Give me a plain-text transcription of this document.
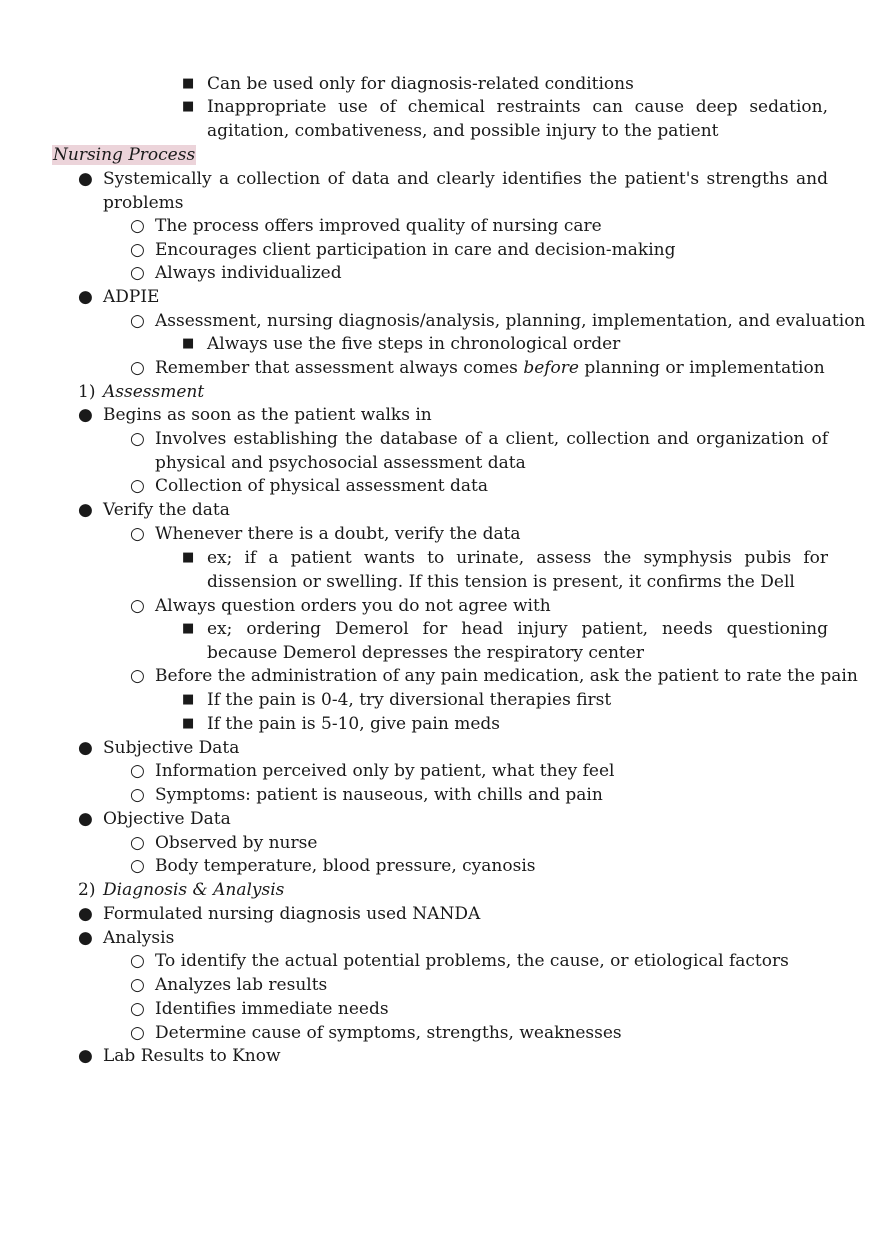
■ Can be used only for diagnosis-related conditions
■ Inappropriate use of chemical restraints can cause deep sedation, agitation, combativeness, and possible injury to the patient
Nursing Process
● Systemically a collection of data and clearly identifies the patient's strengths and problems
○ The process offers improved quality of nursing care
○ Encourages client participation in care and decision-making
○ Always individualized
● ADPIE
○ Assessment, nursing diagnosis/analysis, planning, implementation, and evaluation
■ Always use the five steps in chronological order
○ Remember that assessment always comes before planning or implementation
1) Assessment
● Begins as soon as the patient walks in
○ Involves establishing the database of a client, collection and organization of physical and psychosocial assessment data
○ Collection of physical assessment data
● Verify the data
○ Whenever there is a doubt, verify the data
■ ex; if a patient wants to urinate, assess the symphysis pubis for dissension or swelling. If this tension is present, it confirms the Dell
○ Always question orders you do not agree with
■ ex; ordering Demerol for head injury patient, needs questioning because Demerol depresses the respiratory center
○ Before the administration of any pain medication, ask the patient to rate the pain
■ If the pain is 0-4, try diversional therapies first
■ If the pain is 5-10, give pain meds
● Subjective Data
○ Information perceived only by patient, what they feel
○ Symptoms: patient is nauseous, with chills and pain
● Objective Data
○ Observed by nurse
○ Body temperature, blood pressure, cyanosis
2) Diagnosis & Analysis
● Formulated nursing diagnosis used NANDA
● Analysis
○ To identify the actual potential problems, the cause, or etiological factors
○ Analyzes lab results
○ Identifies immediate needs
○ Determine cause of symptoms, strengths, weaknesses
● Lab Results to Know
